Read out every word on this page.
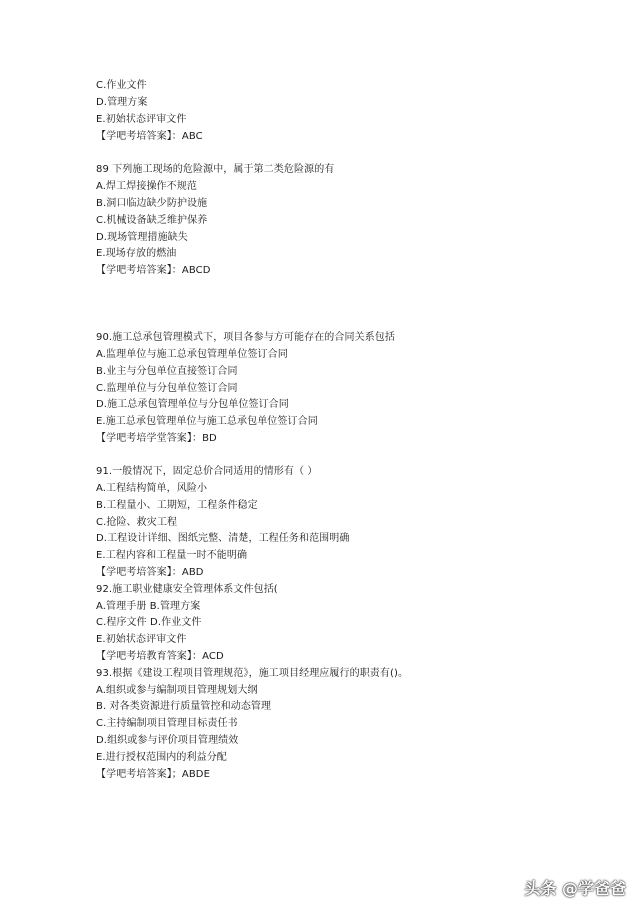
C.作业文件
D.管理方案
E.初始状态评审文件
【学吧考培答案】：ABC
89 下列施工现场的危险源中，属于第二类危险源的有
A.焊工焊接操作不规范
B.洞口临边缺少防护设施
C.机械设备缺乏维护保养
D.现场管理措施缺失
E.现场存放的燃油
【学吧考培答案】：ABCD
90.施工总承包管理模式下，项目各参与方可能存在的合同关系包括
A.监理单位与施工总承包管理单位签订合同
B.业主与分包单位直接签订合同
C.监理单位与分包单位签订合同
D.施工总承包管理单位与分包单位签订合同
E.施工总承包管理单位与施工总承包单位签订合同
【学吧考培学堂答案】：BD
91.一般情况下，固定总价合同适用的情形有（ ）
A.工程结构简单，风险小
B.工程量小、工期短，工程条件稳定
C.抢险、救灾工程
D.工程设计详细、图纸完整、清楚，工程任务和范围明确
E.工程内容和工程量一时不能明确
【学吧考培答案】：ABD
92.施工职业健康安全管理体系文件包括(
A.管理手册 B.管理方案
C.程序文件 D.作业文件
E.初始状态评审文件
【学吧考培教育答案】：ACD
93.根据《建设工程项目管理规范》，施工项目经理应履行的职责有()。
A.组织或参与编制项目管理规划大纲
B. 对各类资源进行质量管控和动态管理
C.主持编制项目管理目标责任书
D.组织或参与评价项目管理绩效
E.进行授权范围内的利益分配
【学吧考培答案】；ABDE
头条 @学爸爸
